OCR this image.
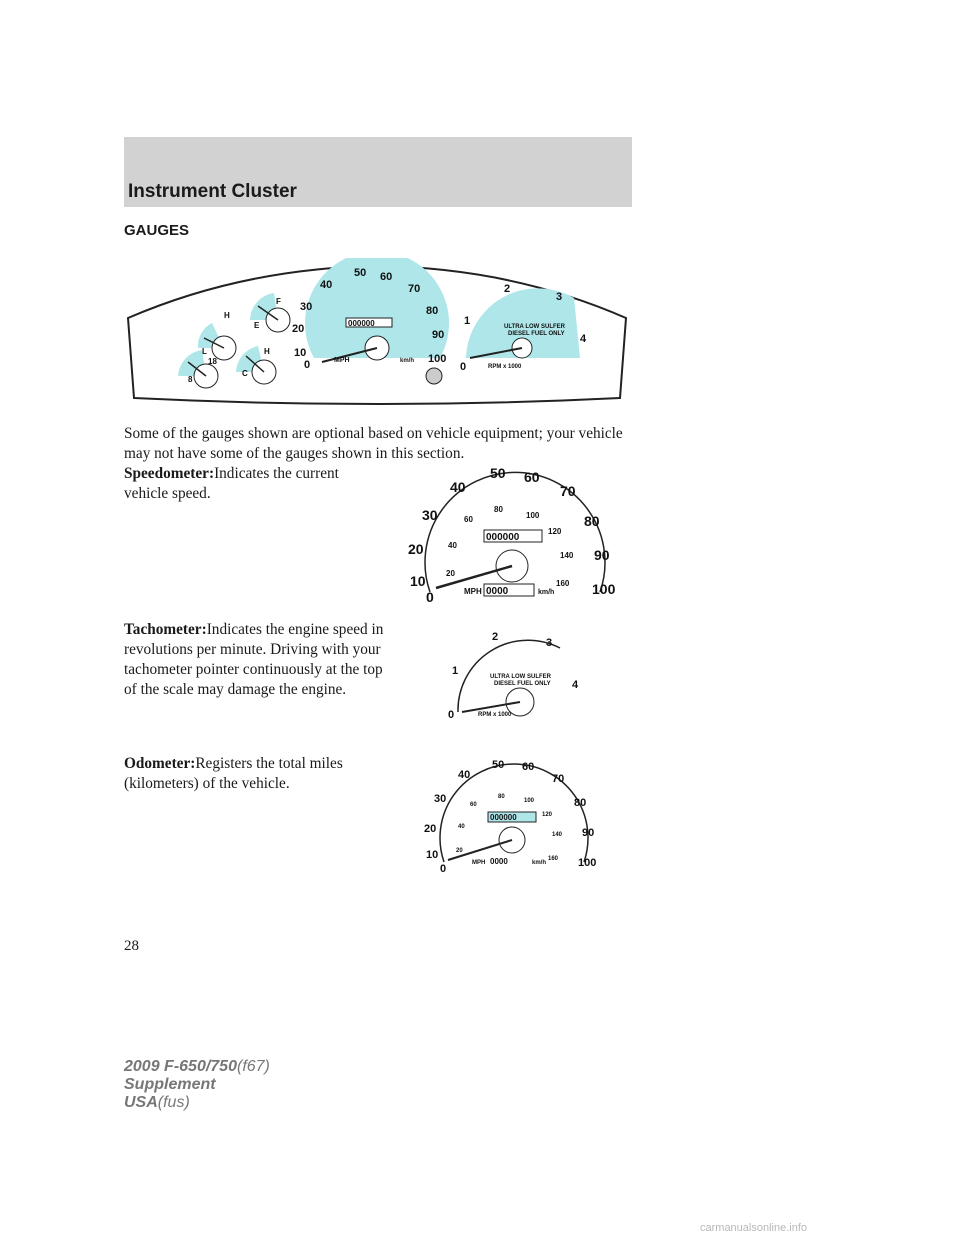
Instrument Cluster
GAUGES
H
L
F
E
18
8
H
C
000000
MPH	km/h
0
10
20
30
40
50 60
70
80
90
100
0
1
2
3
4
ULTRA LOW SULFER
DIESEL FUEL ONLY
RPM x 1000
Some of the gauges shown are optional based on vehicle equipment; your vehicle may not have some of the gauges shown in this section.
Speedometer:Indicates the current vehicle speed.
000000
MPH 0000	km/h
0
10
20
30
40
50 60
70
80
90
100
20
40
60
80
100
120
140
160
Tachometer:Indicates the engine speed in revolutions per minute. Driving with your tachometer pointer continuously at the top of the scale may damage the engine.
0
1
2	3
4
ULTRA LOW SULFER
DIESEL FUEL ONLY
RPM x 1000
Odometer:Registers the total miles (kilometers) of the vehicle.
000000
MPH 0000	km/h
0
10
20
30
40
50 60
70
80
90
100
20
40
60
80
100
120
140
160
28
2009 F-650/750(f67)
Supplement
USA(fus)
carmanualsonline.info
